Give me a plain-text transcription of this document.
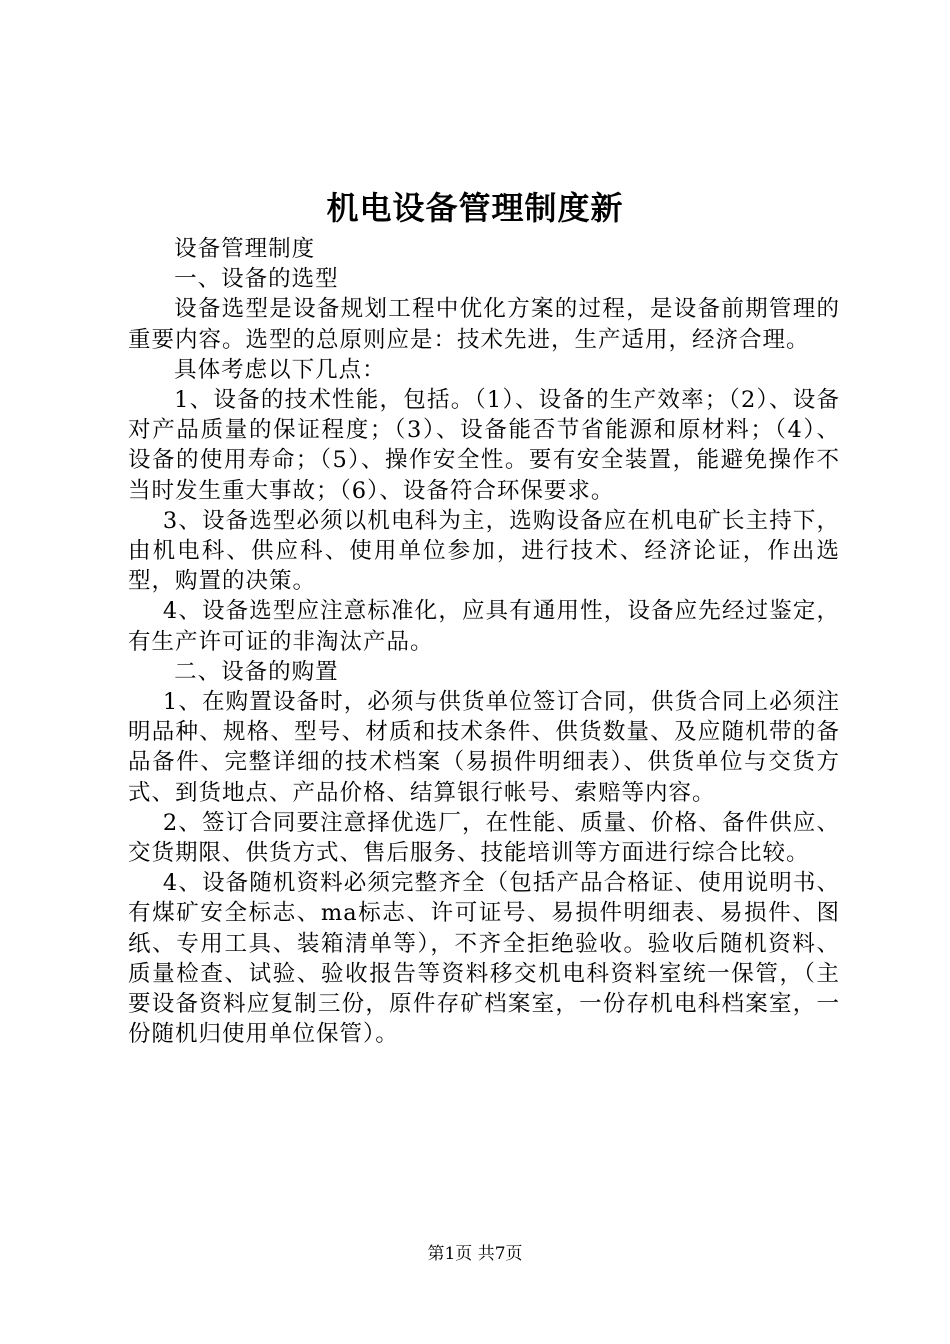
机电设备管理制度新

设备管理制度

一、设备的选型

设备选型是设备规划工程中优化方案的过程，是设备前期管理的重要内容。选型的总原则应是：技术先进，生产适用，经济合理。

具体考虑以下几点：

1、设备的技术性能，包括。（1）、设备的生产效率；（2）、设备对产品质量的保证程度；（3）、设备能否节省能源和原材料；（4）、设备的使用寿命；（5）、操作安全性。要有安全装置，能避免操作不当时发生重大事故；（6）、设备符合环保要求。

3、设备选型必须以机电科为主，选购设备应在机电矿长主持下，由机电科、供应科、使用单位参加，进行技术、经济论证，作出选型，购置的决策。

4、设备选型应注意标准化，应具有通用性，设备应先经过鉴定，有生产许可证的非淘汰产品。

二、设备的购置

1、在购置设备时，必须与供货单位签订合同，供货合同上必须注明品种、规格、型号、材质和技术条件、供货数量、及应随机带的备品备件、完整详细的技术档案（易损件明细表）、供货单位与交货方式、到货地点、产品价格、结算银行帐号、索赔等内容。

2、签订合同要注意择优选厂，在性能、质量、价格、备件供应、交货期限、供货方式、售后服务、技能培训等方面进行综合比较。

4、设备随机资料必须完整齐全（包括产品合格证、使用说明书、有煤矿安全标志、ma标志、许可证号、易损件明细表、易损件、图纸、专用工具、装箱清单等），不齐全拒绝验收。验收后随机资料、质量检查、试验、验收报告等资料移交机电科资料室统一保管，（主要设备资料应复制三份，原件存矿档案室，一份存机电科档案室，一份随机归使用单位保管）。

第1页 共7页
